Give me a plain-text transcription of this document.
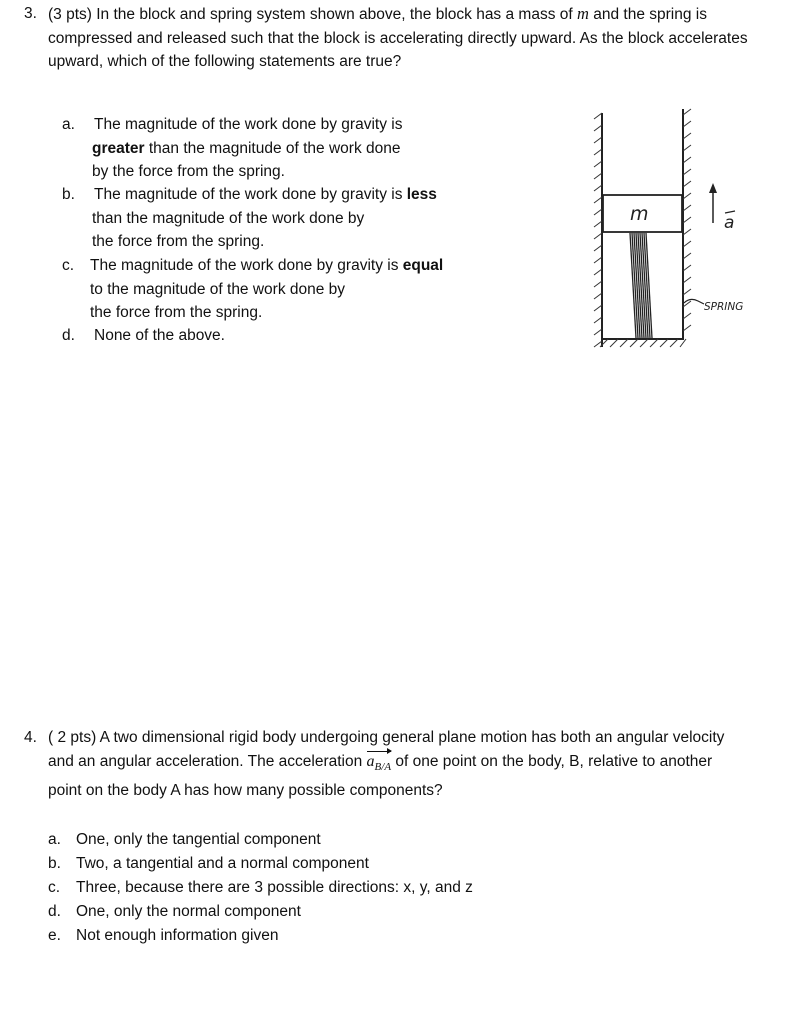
3. (3 pts) In the block and spring system shown above, the block has a mass of m and the spring is compressed and released such that the block is accelerating directly upward. As the block accelerates upward, which of the following statements are true?
a. The magnitude of the work done by gravity is
greater than the magnitude of the work done
by the force from the spring.
b. The magnitude of the work done by gravity is less
than the magnitude of the work done by
the force from the spring.
c. The magnitude of the work done by gravity is equal
to the magnitude of the work done by
the force from the spring.
d. None of the above.
m	a
SPRING
4. ( 2 pts) A two dimensional rigid body undergoing general plane motion has both an angular velocity and an angular acceleration. The acceleration
$a_{B/A}$ of one point on the body, B, relative to another point on the body A has how many possible components?
a. One, only the tangential component
b. Two, a tangential and a normal component
c. Three, because there are 3 possible directions: x, y, and z
d. One, only the normal component
e. Not enough information given
